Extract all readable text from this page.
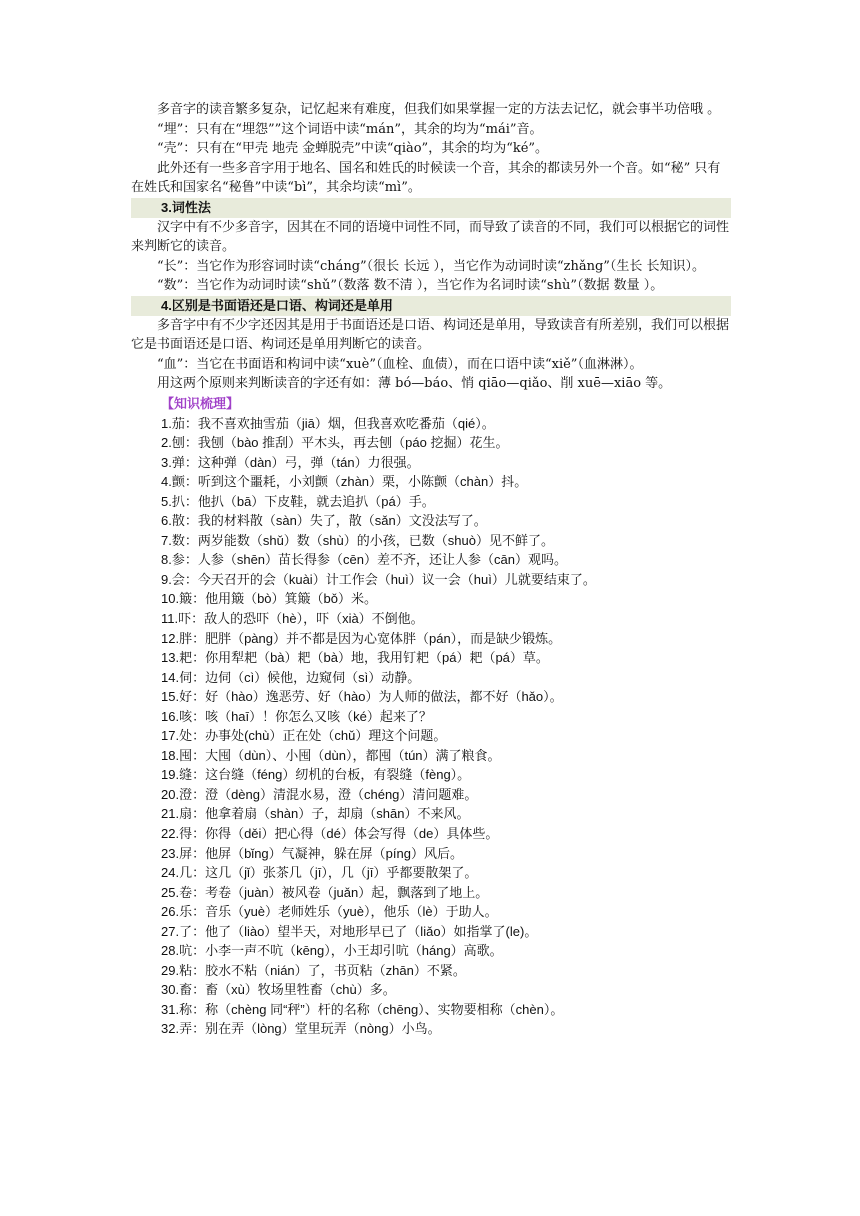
多音字的读音繁多复杂，记忆起来有难度，但我们如果掌握一定的方法去记忆，就会事半功倍哦 。

“埋”：只有在“埋怨””这个词语中读“mán”，其余的均为“mái”音。

“壳”：只有在“甲壳 地壳 金蝉脱壳”中读“qiào”，其余的均为“ké”。

此外还有一些多音字用于地名、国名和姓氏的时候读一个音，其余的都读另外一个音。如“秘” 只有在姓氏和国家名“秘鲁”中读“bì”，其余均读“mì”。

3.词性法

汉字中有不少多音字，因其在不同的语境中词性不同，而导致了读音的不同，我们可以根据它的词性来判断它的读音。

“长”：当它作为形容词时读“cháng”（很长 长远 ），当它作为动词时读“zhǎng”（生长 长知识）。

“数”：当它作为动词时读“shǔ”（数落 数不清 ），当它作为名词时读“shù”（数据 数量 ）。

4.区别是书面语还是口语、构词还是单用

多音字中有不少字还因其是用于书面语还是口语、构词还是单用，导致读音有所差别，我们可以根据它是书面语还是口语、构词还是单用判断它的读音。

“血”：当它在书面语和构词中读“xuè”（血栓、血债），而在口语中读“xiě”（血淋淋）。

用这两个原则来判断读音的字还有如：薄 bó—báo、悄 qiāo—qiǎo、削 xuē—xiāo 等。

【知识梳理】

1.茄：我不喜欢抽雪茄（jiā）烟，但我喜欢吃番茄（qié）。

2.刨：我刨（bào 推刮）平木头，再去刨（páo 挖掘）花生。

3.弹：这种弹（dàn）弓，弹（tán）力很强。

4.颤：听到这个噩耗，小刘颤（zhàn）栗，小陈颤（chàn）抖。

5.扒：他扒（bā）下皮鞋，就去追扒（pá）手。

6.散：我的材料散（sàn）失了，散（sǎn）文没法写了。

7.数：两岁能数（shǔ）数（shù）的小孩，已数（shuò）见不鲜了。

8.参：人参（shēn）苗长得参（cēn）差不齐，还让人参（cān）观吗。

9.会：今天召开的会（kuài）计工作会（huì）议一会（huì）儿就要结束了。

10.簸：他用簸（bò）箕簸（bǒ）米。

11.吓：敌人的恐吓（hè），吓（xià）不倒他。

12.胖：肥胖（pàng）并不都是因为心宽体胖（pán），而是缺少锻炼。

13.耙：你用犁耙（bà）耙（bà）地，我用钉耙（pá）耙（pá）草。

14.伺：边伺（cì）候他，边窥伺（sì）动静。

15.好：好（hào）逸恶劳、好（hào）为人师的做法，都不好（hǎo）。

16.咳：咳（haī）！你怎么又咳（ké）起来了？

17.处：办事处(chù）正在处（chǔ）理这个问题。

18.囤：大囤（dùn）、小囤（dùn），都囤（tún）满了粮食。

19.缝：这台缝（féng）纫机的台板，有裂缝（fèng）。

20.澄：澄（dèng）清混水易，澄（chéng）清问题难。

21.扇：他拿着扇（shàn）子，却扇（shān）不来风。

22.得：你得（děi）把心得（dé）体会写得（de）具体些。

23.屏：他屏（bǐng）气凝神，躲在屏（píng）风后。

24.几：这几（jǐ）张茶几（jī），几（jī）乎都要散架了。

25.卷：考卷（juàn）被风卷（juǎn）起，飘落到了地上。

26.乐：音乐（yuè）老师姓乐（yuè），他乐（lè）于助人。

27.了：他了（liào）望半天，对地形早已了（liǎo）如指掌了(le)。

28.吭：小李一声不吭（kēng），小王却引吭（háng）高歌。

29.粘：胶水不粘（nián）了，书页粘（zhān）不紧。

30.畜：畜（xù）牧场里牲畜（chù）多。

31.称：称（chèng 同“秤”）杆的名称（chēng）、实物要相称（chèn）。

32.弄：别在弄（lòng）堂里玩弄（nòng）小鸟。
